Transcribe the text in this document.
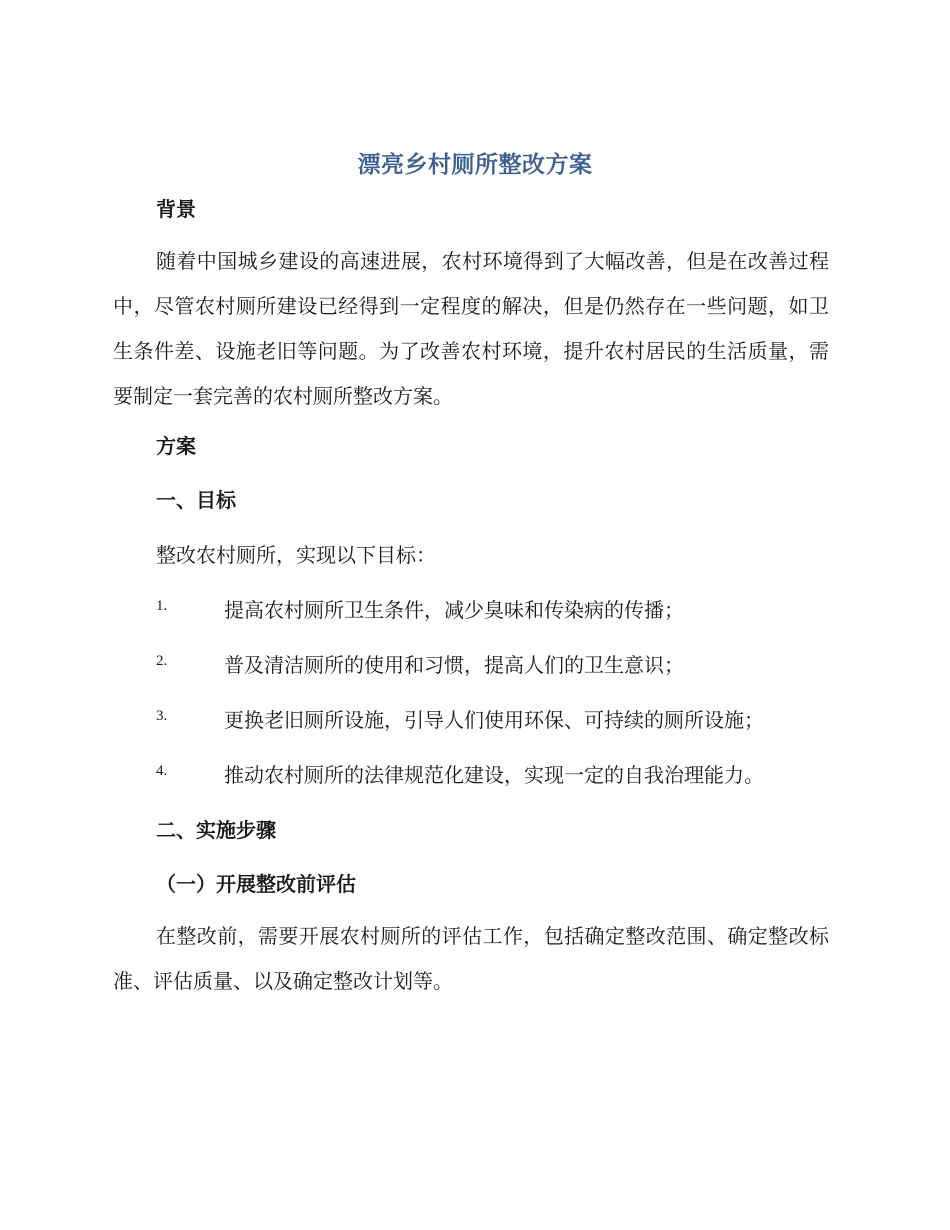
漂亮乡村厕所整改方案
背景

随着中国城乡建设的高速进展，农村环境得到了大幅改善，但是在改善过程中，尽管农村厕所建设已经得到一定程度的解决，但是仍然存在一些问题，如卫生条件差、设施老旧等问题。为了改善农村环境，提升农村居民的生活质量，需要制定一套完善的农村厕所整改方案。

方案
一、目标
整改农村厕所，实现以下目标：
1.	提高农村厕所卫生条件，减少臭味和传染病的传播；
2.	普及清洁厕所的使用和习惯，提高人们的卫生意识；
3.	更换老旧厕所设施，引导人们使用环保、可持续的厕所设施；
4.	推动农村厕所的法律规范化建设，实现一定的自我治理能力。
二、实施步骤
（一）开展整改前评估

在整改前，需要开展农村厕所的评估工作，包括确定整改范围、确定整改标准、评估质量、以及确定整改计划等。
